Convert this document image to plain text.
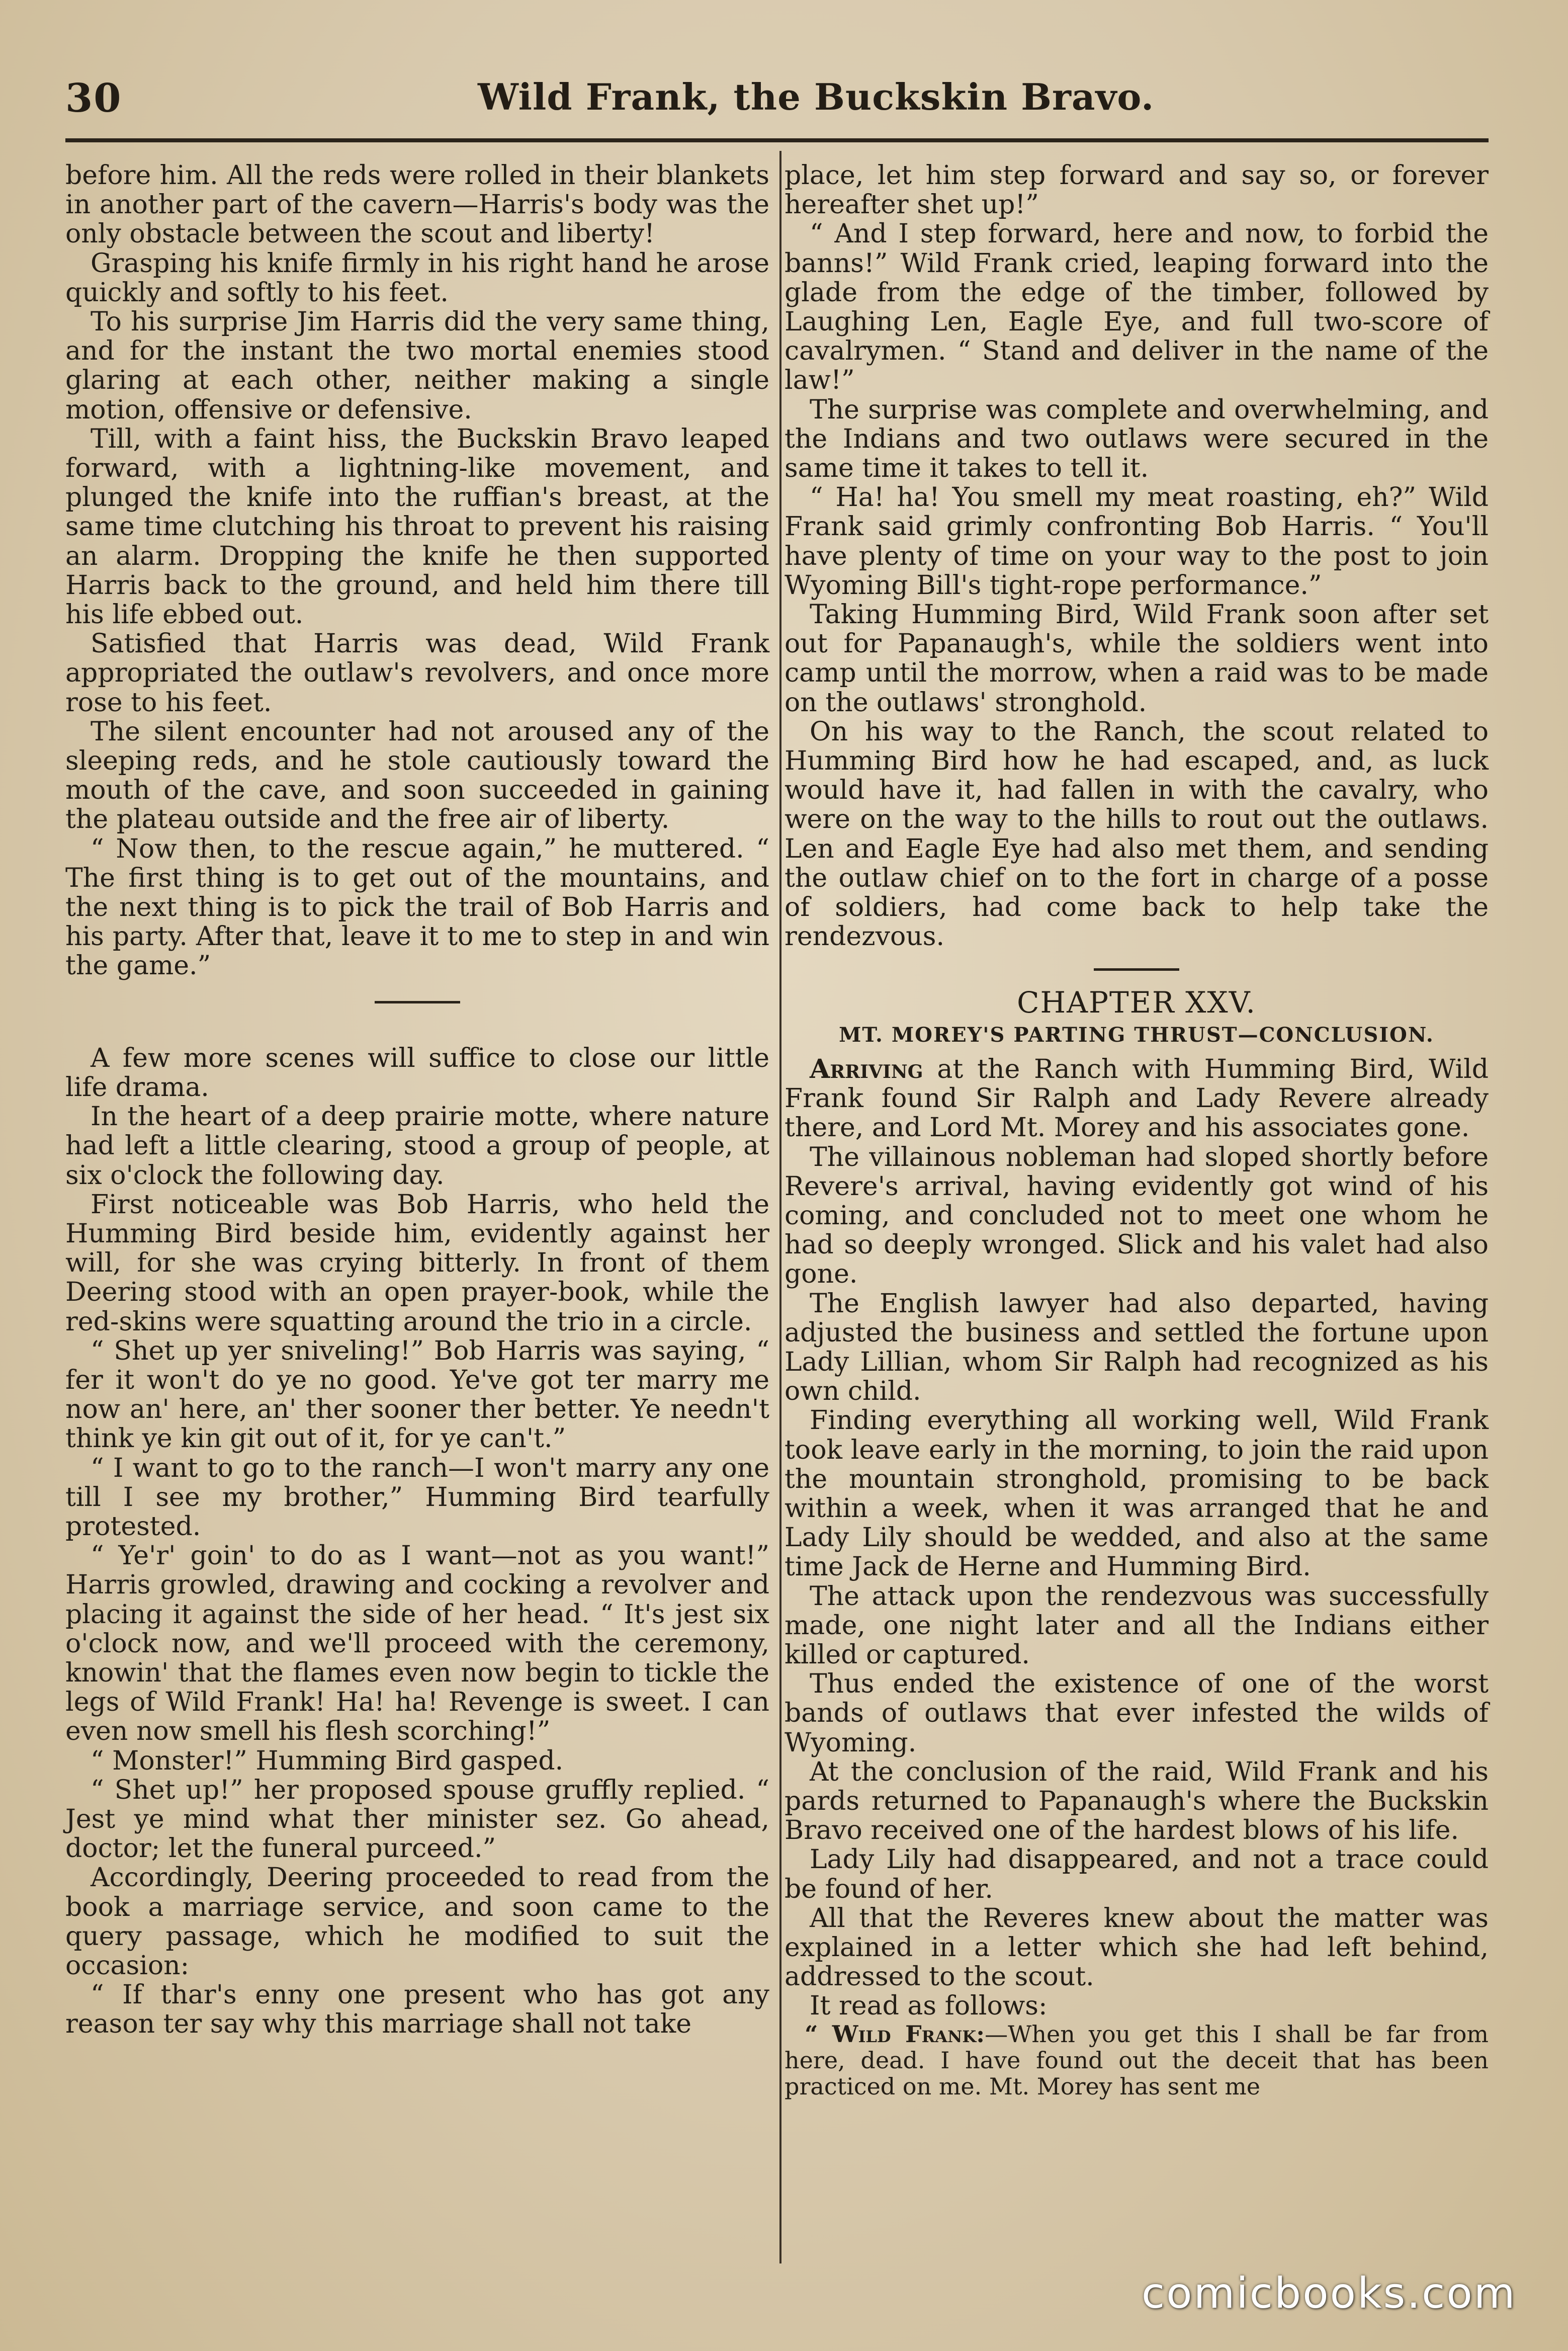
30	Wild Frank, the Buckskin Bravo.

before him. All the reds were rolled in their blankets in another part of the cavern—Harris's body was the only obstacle between the scout and liberty!

Grasping his knife firmly in his right hand he arose quickly and softly to his feet.

To his surprise Jim Harris did the very same thing, and for the instant the two mortal enemies stood glaring at each other, neither making a single motion, offensive or defensive.

Till, with a faint hiss, the Buckskin Bravo leaped forward, with a lightning-like movement, and plunged the knife into the ruffian's breast, at the same time clutching his throat to prevent his raising an alarm. Dropping the knife he then supported Harris back to the ground, and held him there till his life ebbed out.

Satisfied that Harris was dead, Wild Frank appropriated the outlaw's revolvers, and once more rose to his feet.

The silent encounter had not aroused any of the sleeping reds, and he stole cautiously toward the mouth of the cave, and soon succeeded in gaining the plateau outside and the free air of liberty.

“ Now then, to the rescue again,” he muttered. “ The first thing is to get out of the mountains, and the next thing is to pick the trail of Bob Harris and his party. After that, leave it to me to step in and win the game.”

A few more scenes will suffice to close our little life drama.

In the heart of a deep prairie motte, where nature had left a little clearing, stood a group of people, at six o'clock the following day.

First noticeable was Bob Harris, who held the Humming Bird beside him, evidently against her will, for she was crying bitterly. In front of them Deering stood with an open prayer-book, while the red-skins were squatting around the trio in a circle.

“ Shet up yer sniveling!” Bob Harris was saying, “ fer it won't do ye no good. Ye've got ter marry me now an' here, an' ther sooner ther better. Ye needn't think ye kin git out of it, for ye can't.”

“ I want to go to the ranch—I won't marry any one till I see my brother,” Humming Bird tearfully protested.

“ Ye'r' goin' to do as I want—not as you want!” Harris growled, drawing and cocking a revolver and placing it against the side of her head. “ It's jest six o'clock now, and we'll proceed with the ceremony, knowin' that the flames even now begin to tickle the legs of Wild Frank! Ha! ha! Revenge is sweet. I can even now smell his flesh scorching!”

“ Monster!” Humming Bird gasped.

“ Shet up!” her proposed spouse gruffly replied. “ Jest ye mind what ther minister sez. Go ahead, doctor; let the funeral purceed.”

Accordingly, Deering proceeded to read from the book a marriage service, and soon came to the query passage, which he modified to suit the occasion:

“ If thar's enny one present who has got any reason ter say why this marriage shall not take

place, let him step forward and say so, or forever hereafter shet up!”

“ And I step forward, here and now, to forbid the banns!” Wild Frank cried, leaping forward into the glade from the edge of the timber, followed by Laughing Len, Eagle Eye, and full two-score of cavalrymen. “ Stand and deliver in the name of the law!”

The surprise was complete and overwhelming, and the Indians and two outlaws were secured in the same time it takes to tell it.

“ Ha! ha! You smell my meat roasting, eh?” Wild Frank said grimly confronting Bob Harris. “ You'll have plenty of time on your way to the post to join Wyoming Bill's tight-rope performance.”

Taking Humming Bird, Wild Frank soon after set out for Papanaugh's, while the soldiers went into camp until the morrow, when a raid was to be made on the outlaws' stronghold.

On his way to the Ranch, the scout related to Humming Bird how he had escaped, and, as luck would have it, had fallen in with the cavalry, who were on the way to the hills to rout out the outlaws. Len and Eagle Eye had also met them, and sending the outlaw chief on to the fort in charge of a posse of soldiers, had come back to help take the rendezvous.

CHAPTER XXV.
MT. MOREY'S PARTING THRUST—CONCLUSION.

Arriving at the Ranch with Humming Bird, Wild Frank found Sir Ralph and Lady Revere already there, and Lord Mt. Morey and his associates gone.

The villainous nobleman had sloped shortly before Revere's arrival, having evidently got wind of his coming, and concluded not to meet one whom he had so deeply wronged. Slick and his valet had also gone.

The English lawyer had also departed, having adjusted the business and settled the fortune upon Lady Lillian, whom Sir Ralph had recognized as his own child.

Finding everything all working well, Wild Frank took leave early in the morning, to join the raid upon the mountain stronghold, promising to be back within a week, when it was arranged that he and Lady Lily should be wedded, and also at the same time Jack de Herne and Humming Bird.

The attack upon the rendezvous was successfully made, one night later and all the Indians either killed or captured.

Thus ended the existence of one of the worst bands of outlaws that ever infested the wilds of Wyoming.

At the conclusion of the raid, Wild Frank and his pards returned to Papanaugh's where the Buckskin Bravo received one of the hardest blows of his life.

Lady Lily had disappeared, and not a trace could be found of her.

All that the Reveres knew about the matter was explained in a letter which she had left behind, addressed to the scout.

It read as follows:

“ Wild Frank:—When you get this I shall be far from here, dead. I have found out the deceit that has been practiced on me. Mt. Morey has sent me

comicbooks.com
